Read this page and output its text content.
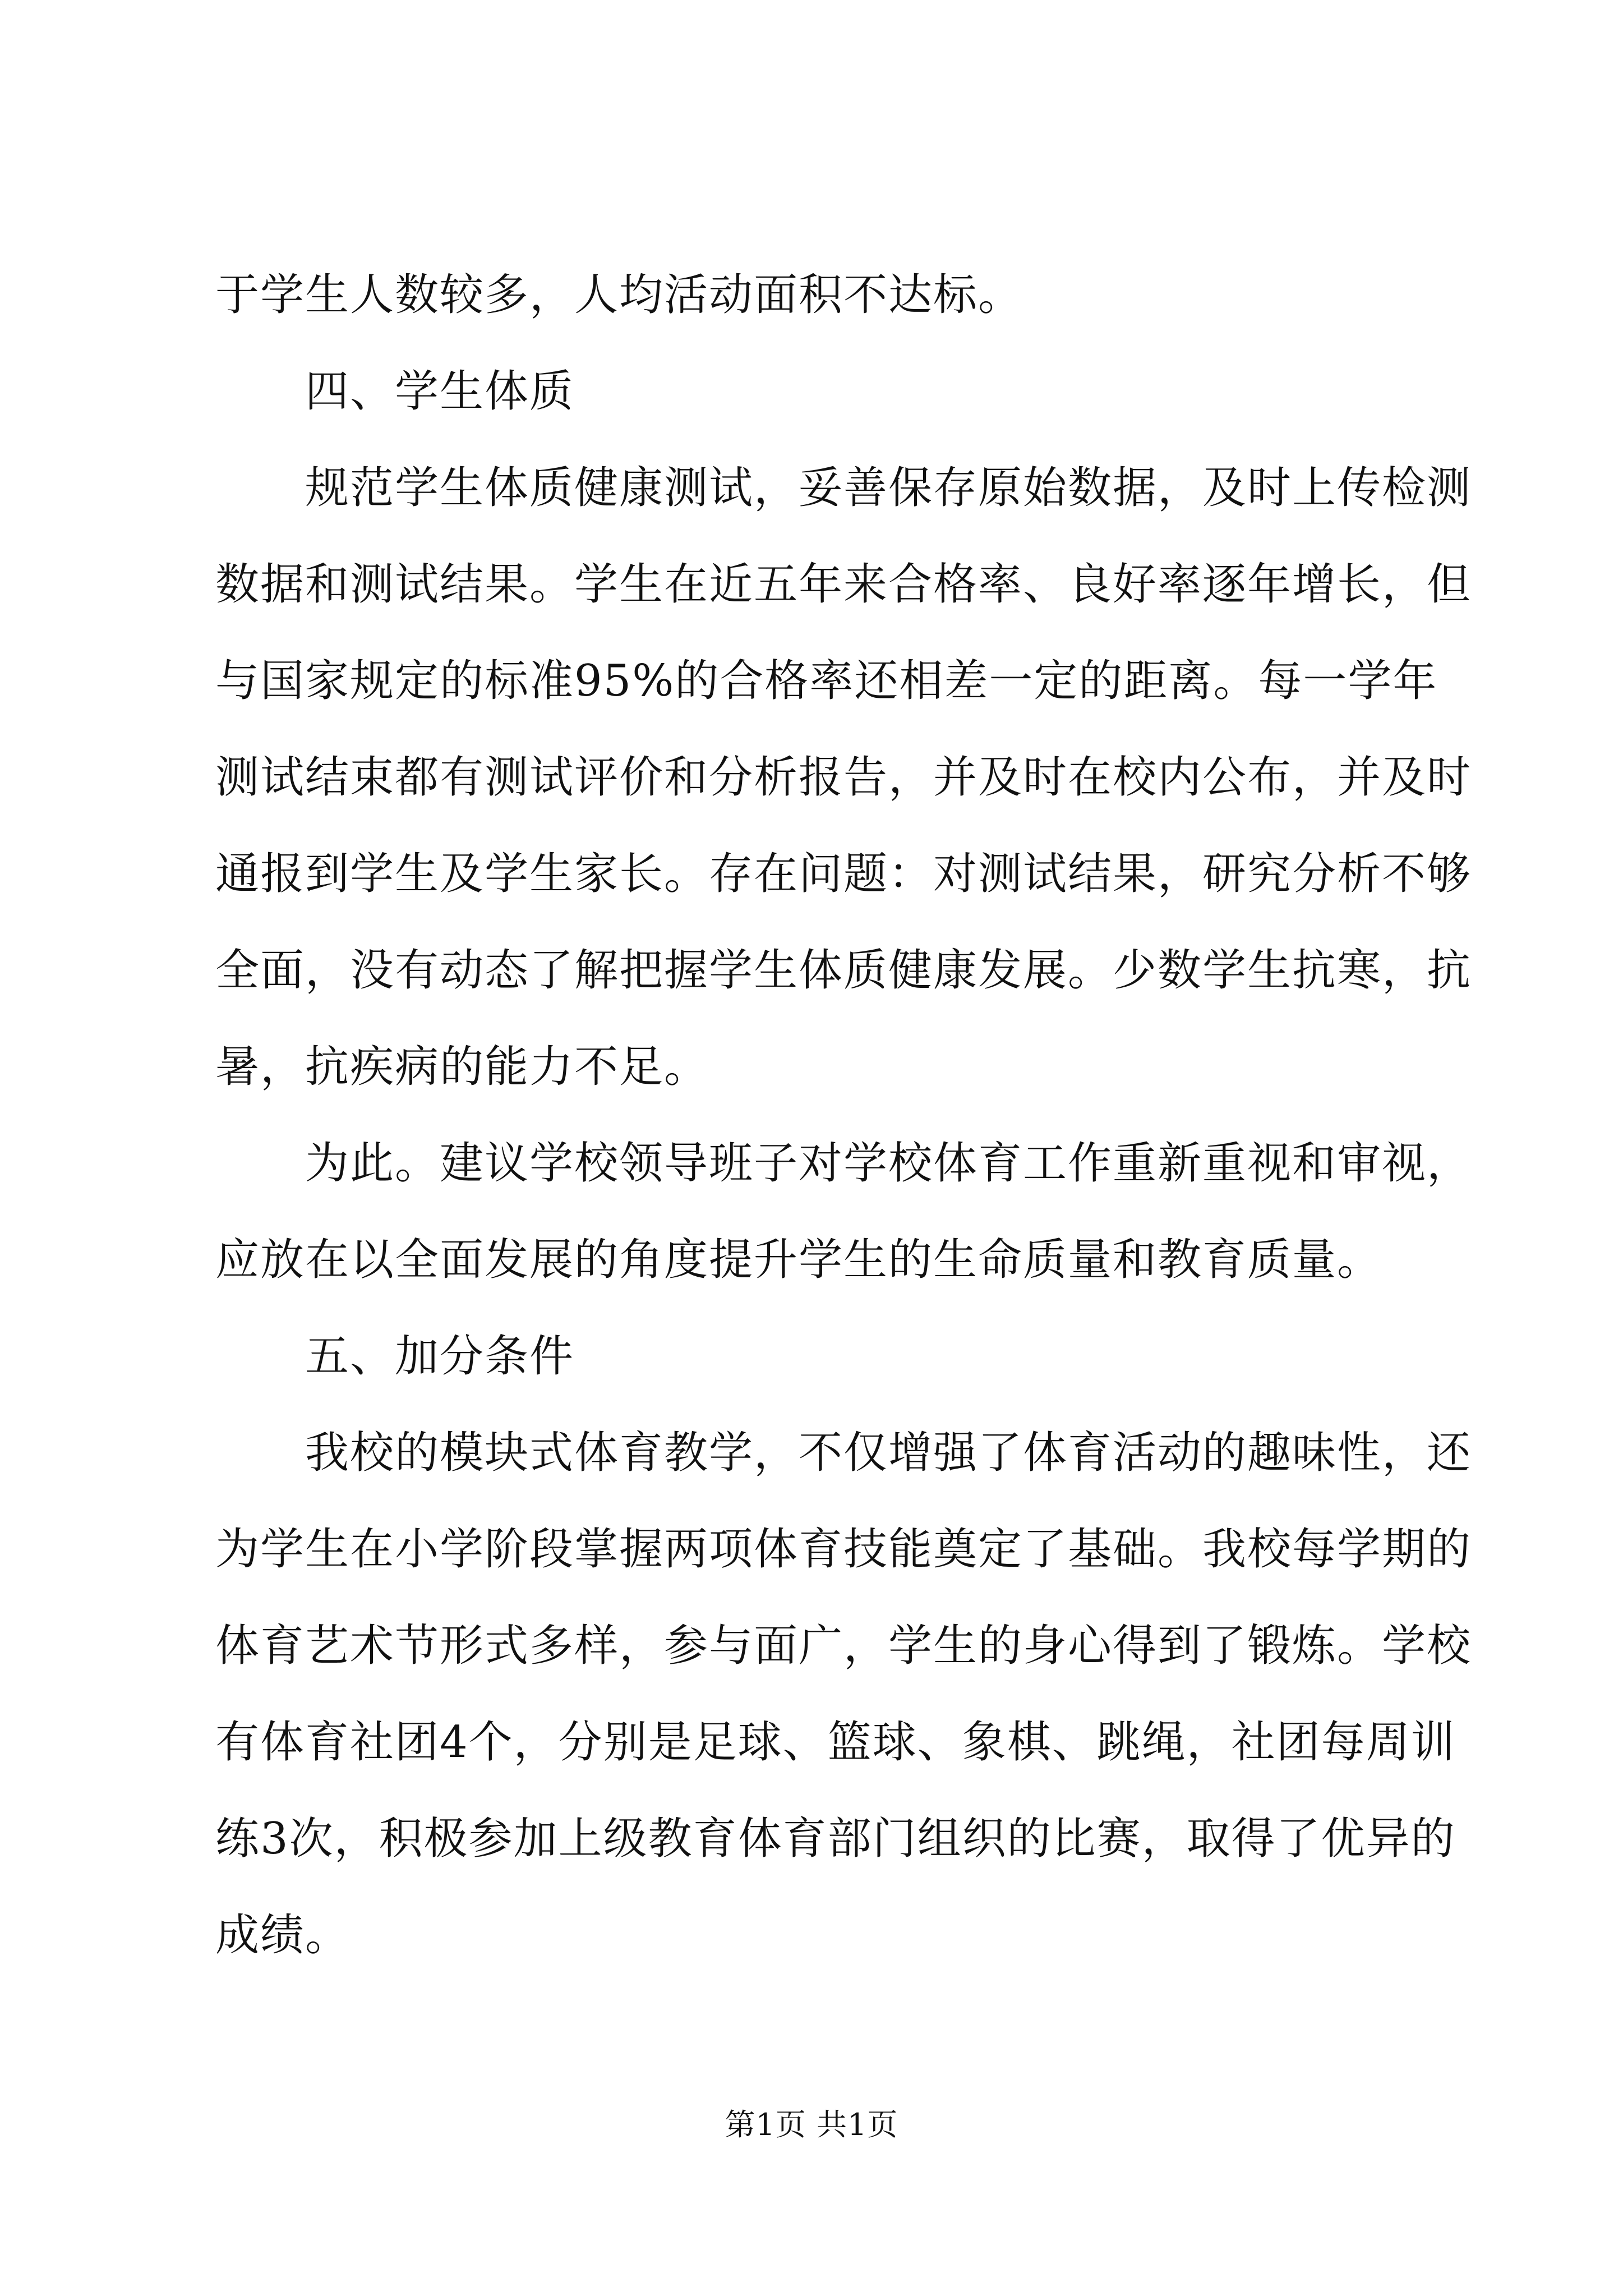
于学生人数较多，人均活动面积不达标。
四、学生体质
规范学生体质健康测试，妥善保存原始数据，及时上传检测
数据和测试结果。学生在近五年来合格率、良好率逐年增长，但
与国家规定的标准95%的合格率还相差一定的距离。每一学年
测试结束都有测试评价和分析报告，并及时在校内公布，并及时
通报到学生及学生家长。存在问题：对测试结果，研究分析不够
全面，没有动态了解把握学生体质健康发展。少数学生抗寒，抗
暑，抗疾病的能力不足。
为此。建议学校领导班子对学校体育工作重新重视和审视，
应放在以全面发展的角度提升学生的生命质量和教育质量。
五、加分条件
我校的模块式体育教学，不仅增强了体育活动的趣味性，还
为学生在小学阶段掌握两项体育技能奠定了基础。我校每学期的
体育艺术节形式多样，参与面广，学生的身心得到了锻炼。学校
有体育社团4个，分别是足球、篮球、象棋、跳绳，社团每周训
练3次，积极参加上级教育体育部门组织的比赛，取得了优异的
成绩。
第1页 共1页
